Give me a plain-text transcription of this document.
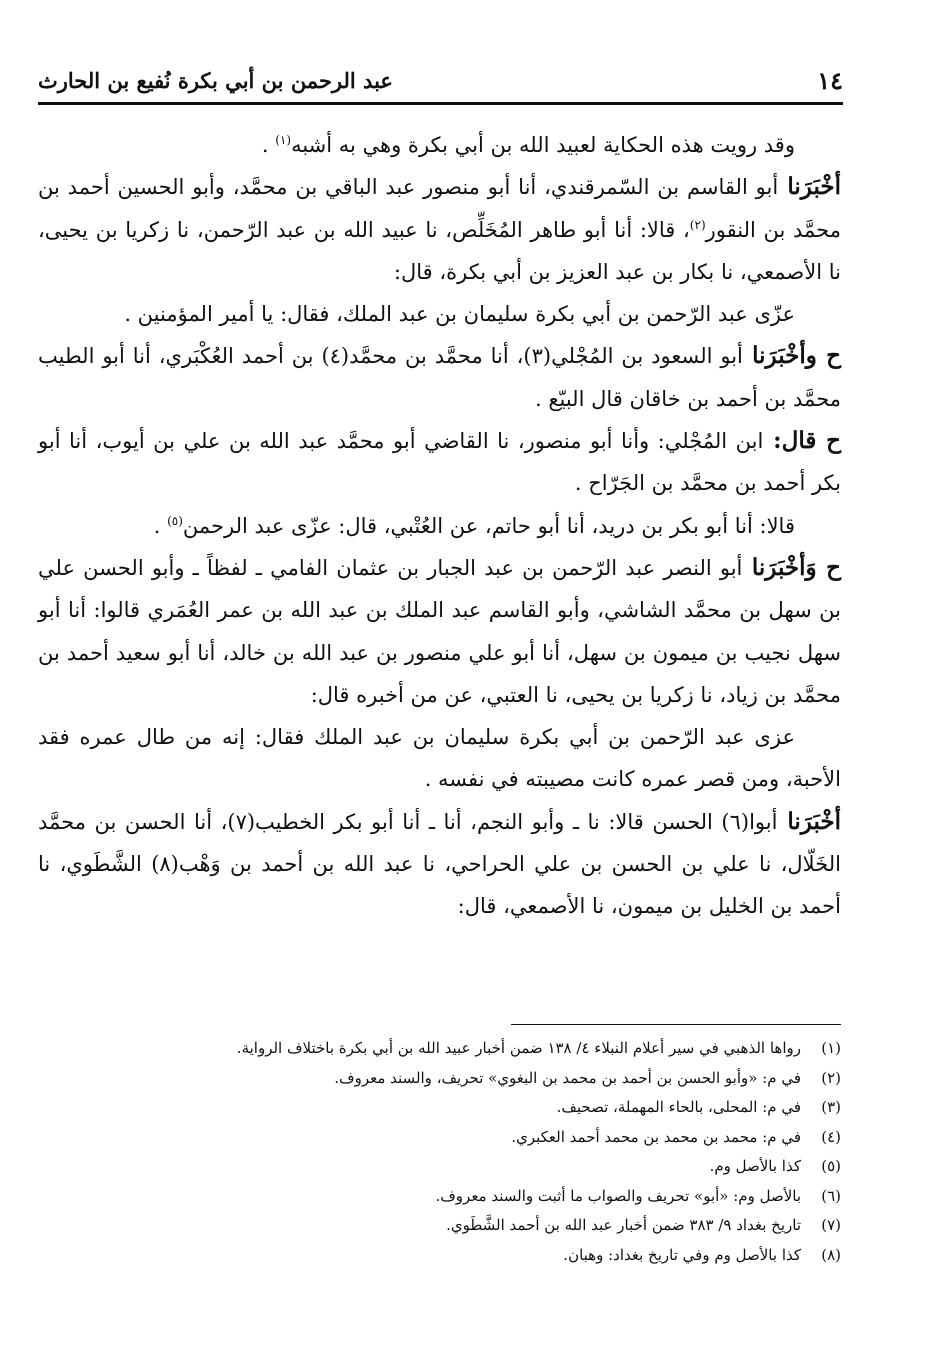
١٤
عبد الرحمن بن أبي بكرة نُفيع بن الحارث

وقد رويت هذه الحكاية لعبيد الله بن أبي بكرة وهي به أشبه$^{(١)}$ .

أخْبَرَنا أبو القاسم بن السّمرقندي، أنا أبو منصور عبد الباقي بن محمَّد، وأبو الحسين أحمد بن محمَّد بن النقور$^{(٢)}$، قالا: أنا أبو طاهر المُخَلِّص، نا عبيد الله بن عبد الرّحمن، نا زكريا بن يحيى، نا الأصمعي، نا بكار بن عبد العزيز بن أبي بكرة، قال:

عزّى عبد الرّحمن بن أبي بكرة سليمان بن عبد الملك، فقال: يا أمير المؤمنين .

ح وأخْبَرَنا أبو السعود بن المُجْلي(٣)، أنا محمَّد بن محمَّد(٤) بن أحمد العُكْبَري، أنا أبو الطيب محمَّد بن أحمد بن خاقان قال البيّع .

ح قال: ابن المُجْلي: وأنا أبو منصور، نا القاضي أبو محمَّد عبد الله بن علي بن أيوب، أنا أبو بكر أحمد بن محمَّد بن الجَرّاح .

قالا: أنا أبو بكر بن دريد، أنا أبو حاتم، عن العُتْبي، قال: عزّى عبد الرحمن$^{(٥)}$ .

ح وَأخْبَرَنا أبو النصر عبد الرّحمن بن عبد الجبار بن عثمان الفامي ـ لفظاً ـ وأبو الحسن علي بن سهل بن محمَّد الشاشي، وأبو القاسم عبد الملك بن عبد الله بن عمر العُمَري قالوا: أنا أبو سهل نجيب بن ميمون بن سهل، أنا أبو علي منصور بن عبد الله بن خالد، أنا أبو سعيد أحمد بن محمَّد بن زياد، نا زكريا بن يحيى، نا العتبي، عن من أخبره قال:

عزى عبد الرّحمن بن أبي بكرة سليمان بن عبد الملك فقال: إنه من طال عمره فقد الأحبة، ومن قصر عمره كانت مصيبته في نفسه .

أخْبَرَنا أبوا(٦) الحسن قالا: نا ـ وأبو النجم، أنا ـ أنا أبو بكر الخطيب(٧)، أنا الحسن بن محمَّد الخَلّال، نا علي بن الحسن بن علي الحراحي، نا عبد الله بن أحمد بن وَهْب(٨) الشَّطَوي، نا أحمد بن الخليل بن ميمون، نا الأصمعي، قال:

(١)
رواها الذهبي في سير أعلام النبلاء ٤/ ١٣٨ ضمن أخبار عبيد الله بن أبي بكرة باختلاف الرواية.
(٢)
في م: «وأبو الحسن بن أحمد بن محمد بن البغوي» تحريف، والسند معروف.
(٣)
في م: المحلى، بالحاء المهملة، تصحيف.
(٤)
في م: محمد بن محمد بن محمد أحمد العكبري.
(٥)
كذا بالأصل وم.
(٦)
بالأصل وم: «أبو» تحريف والصواب ما أثبت والسند معروف.
(٧)
تاريخ بغداد ٩/ ٣٨٣ ضمن أخبار عبد الله بن أحمد الشَّطَوي.
(٨)
كذا بالأصل وم وفي تاريخ بغداد: وهبان.
